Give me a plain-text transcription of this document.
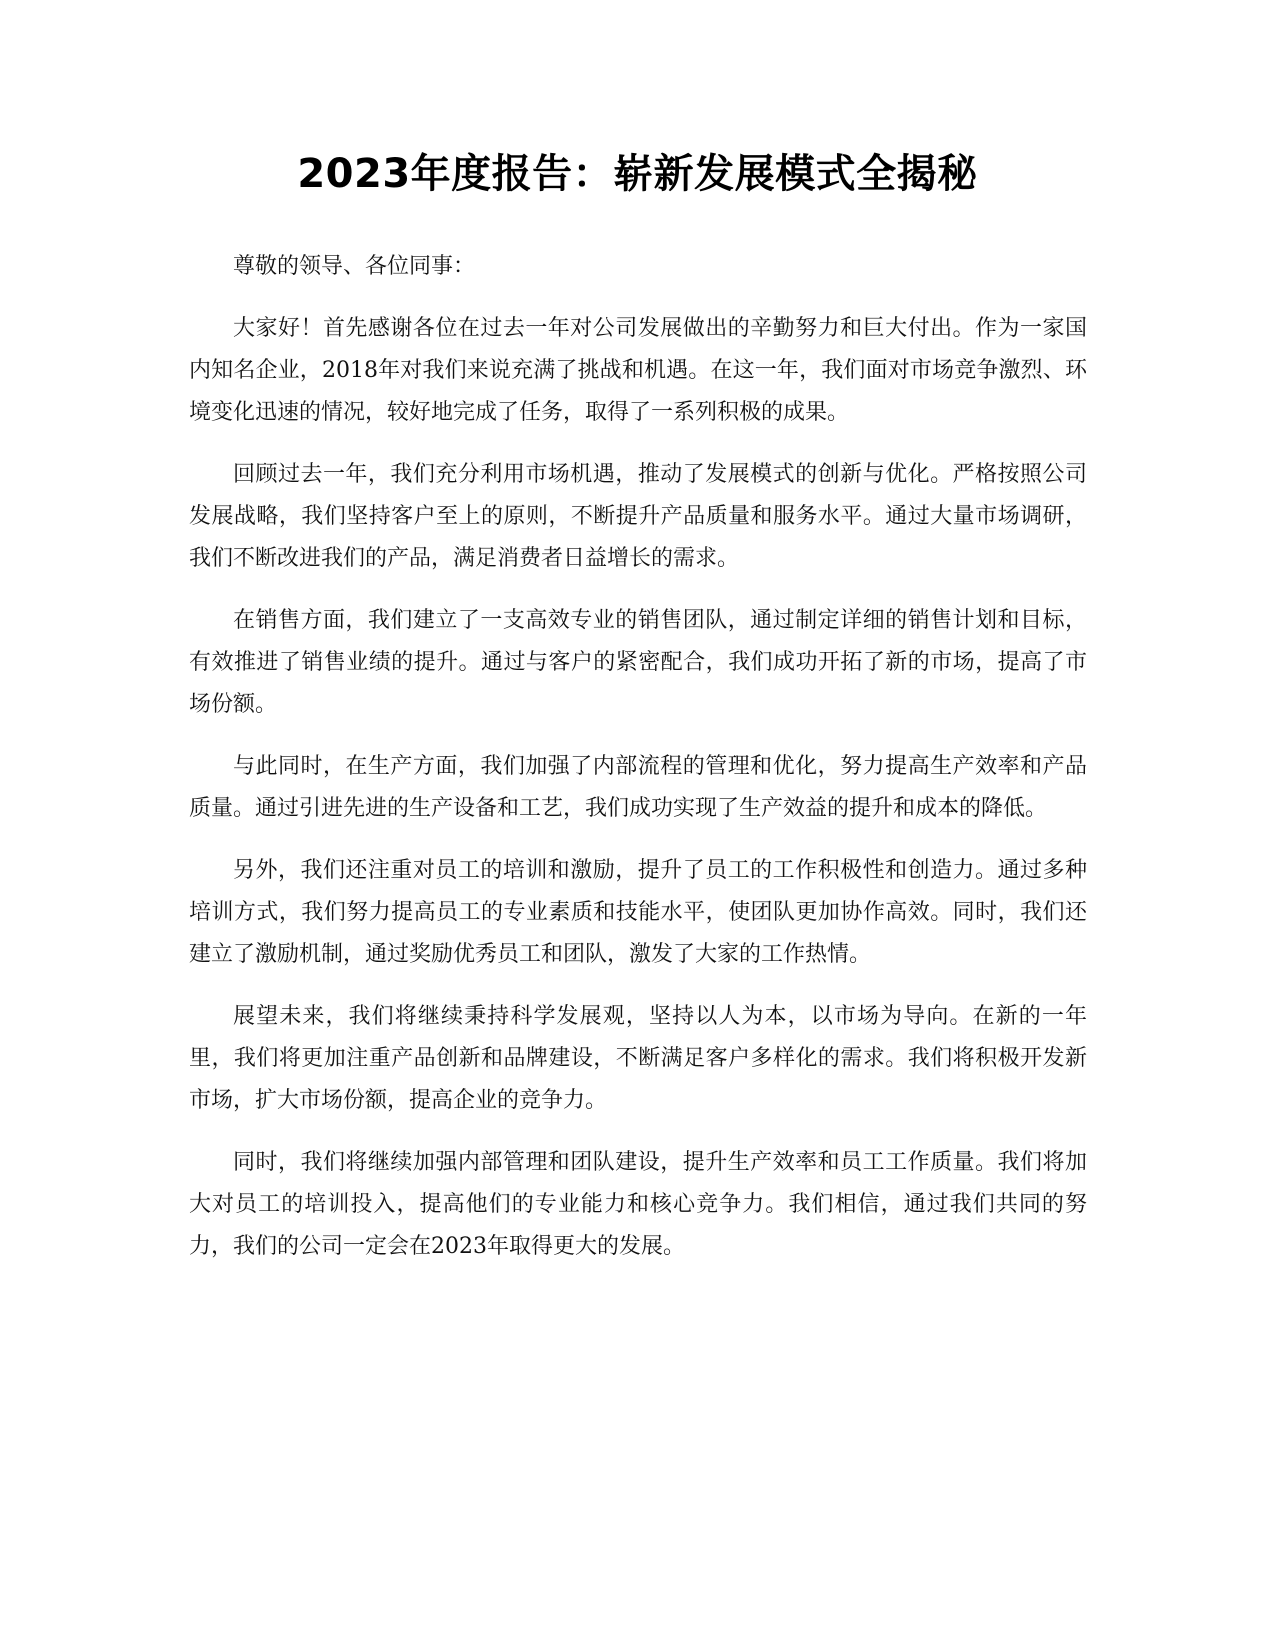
2023年度报告：崭新发展模式全揭秘

尊敬的领导、各位同事：

大家好！首先感谢各位在过去一年对公司发展做出的辛勤努力和巨大付出。作为一家国内知名企业，2018年对我们来说充满了挑战和机遇。在这一年，我们面对市场竞争激烈、环境变化迅速的情况，较好地完成了任务，取得了一系列积极的成果。

回顾过去一年，我们充分利用市场机遇，推动了发展模式的创新与优化。严格按照公司发展战略，我们坚持客户至上的原则，不断提升产品质量和服务水平。通过大量市场调研，我们不断改进我们的产品，满足消费者日益增长的需求。

在销售方面，我们建立了一支高效专业的销售团队，通过制定详细的销售计划和目标，有效推进了销售业绩的提升。通过与客户的紧密配合，我们成功开拓了新的市场，提高了市场份额。

与此同时，在生产方面，我们加强了内部流程的管理和优化，努力提高生产效率和产品质量。通过引进先进的生产设备和工艺，我们成功实现了生产效益的提升和成本的降低。

另外，我们还注重对员工的培训和激励，提升了员工的工作积极性和创造力。通过多种培训方式，我们努力提高员工的专业素质和技能水平，使团队更加协作高效。同时，我们还建立了激励机制，通过奖励优秀员工和团队，激发了大家的工作热情。

展望未来，我们将继续秉持科学发展观，坚持以人为本，以市场为导向。在新的一年里，我们将更加注重产品创新和品牌建设，不断满足客户多样化的需求。我们将积极开发新市场，扩大市场份额，提高企业的竞争力。

同时，我们将继续加强内部管理和团队建设，提升生产效率和员工工作质量。我们将加大对员工的培训投入，提高他们的专业能力和核心竞争力。我们相信，通过我们共同的努力，我们的公司一定会在2023年取得更大的发展。
